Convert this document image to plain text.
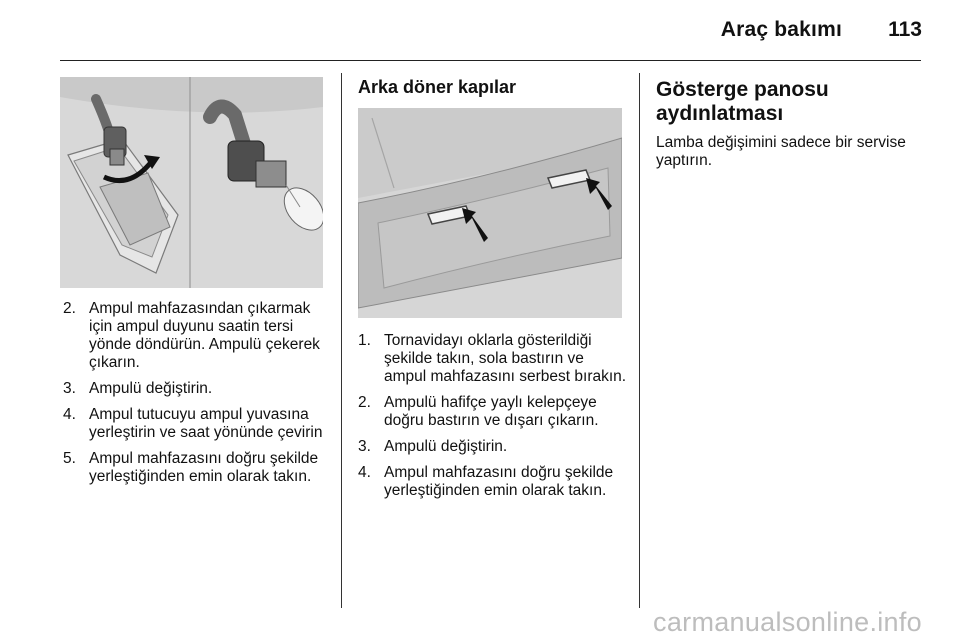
Araç bakımı 113
2. Ampul mahfazasından çıkarmak için ampul duyunu saatin tersi yönde döndürün. Ampulü çekerek çıkarın.
3. Ampulü değiştirin.
4. Ampul tutucuyu ampul yuvasına yerleştirin ve saat yönünde çevirin
5. Ampul mahfazasını doğru şekilde yerleştiğinden emin olarak takın.
Arka döner kapılar
1. Tornavidayı oklarla gösterildiği şekilde takın, sola bastırın ve ampul mahfazasını serbest bırakın.
2. Ampulü hafifçe yaylı kelepçeye doğru bastırın ve dışarı çıkarın.
3. Ampulü değiştirin.
4. Ampul mahfazasını doğru şekilde yerleştiğinden emin olarak takın.
Gösterge panosu aydınlatması

Lamba değişimini sadece bir servise yaptırın.

carmanualsonline.info
